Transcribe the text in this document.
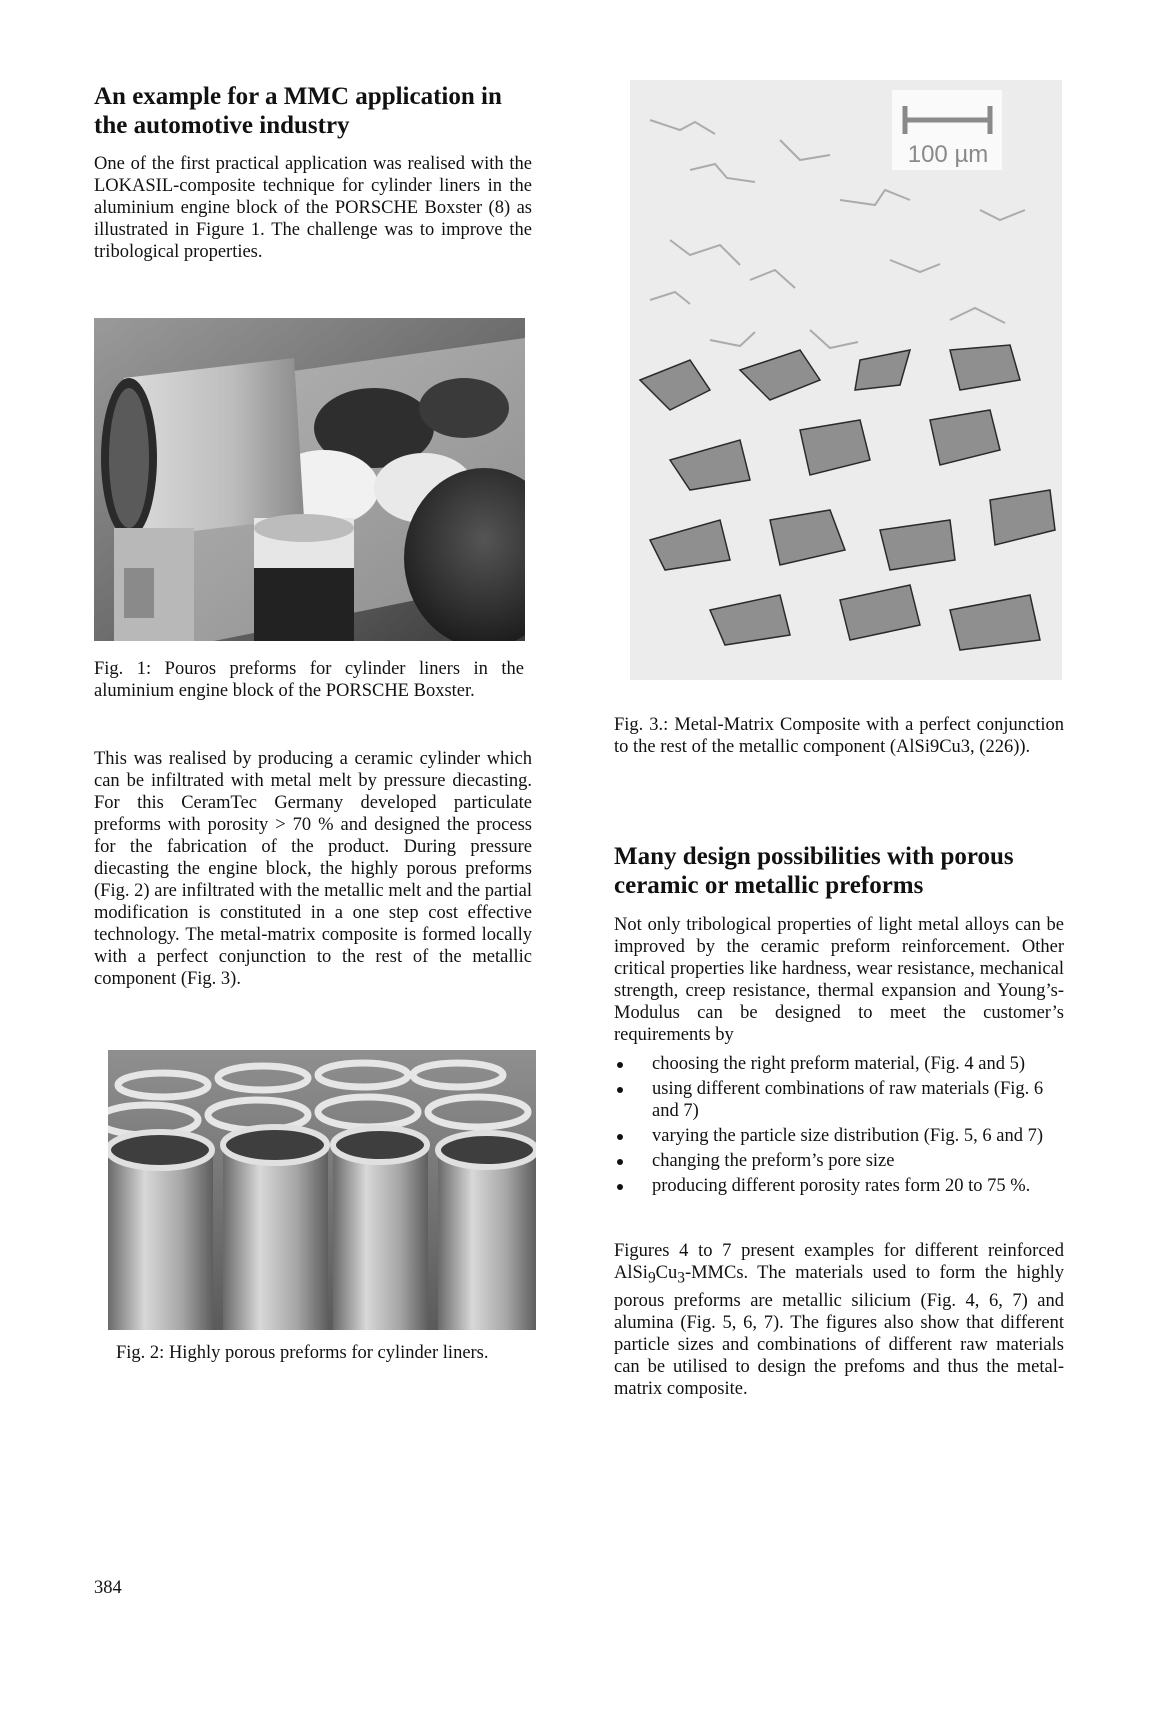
An example for a MMC application in the automotive industry

One of the first practical application was realised with the LOKASIL-composite technique for cylinder liners in the aluminium engine block of the PORSCHE Boxster (8) as illustrated in Figure 1. The challenge was to improve the tribological properties.

Fig. 1: Pouros preforms for cylinder liners in the aluminium engine block of the PORSCHE Boxster.

This was realised by producing a ceramic cylinder which can be infiltrated with metal melt by pressure diecasting. For this CeramTec Germany developed particulate preforms with porosity > 70 % and designed the process for the fabrication of the product. During pressure diecasting the engine block, the highly porous preforms (Fig. 2) are infiltrated with the metallic melt and the partial modification is constituted in a one step cost effective technology. The metal-matrix composite is formed locally with a perfect conjunction to the rest of the metallic component (Fig. 3).

Fig. 2: Highly porous preforms for cylinder liners.
384
100 µm
Fig. 3.: Metal-Matrix Composite with a perfect conjunction to the rest of the metallic component (AlSi9Cu3, (226)).
Many design possibilities with porous ceramic or metallic preforms

Not only tribological properties of light metal alloys can be improved by the ceramic preform reinforcement. Other critical properties like hardness, wear resistance, mechanical strength, creep resistance, thermal expansion and Young’s-Modulus can be designed to meet the customer’s requirements by

choosing the right preform material, (Fig. 4 and 5)
using different combinations of raw materials (Fig. 6 and 7)
varying the particle size distribution (Fig. 5, 6 and 7)
changing the preform’s pore size
producing different porosity rates form 20 to 75 %.

Figures 4 to 7 present examples for different reinforced $AlSi_9Cu_3$-MMCs. The materials used to form the highly porous preforms are metallic silicium (Fig. 4, 6, 7) and alumina (Fig. 5, 6, 7). The figures also show that different particle sizes and combinations of different raw materials can be utilised to design the prefoms and thus the metal-matrix composite.
